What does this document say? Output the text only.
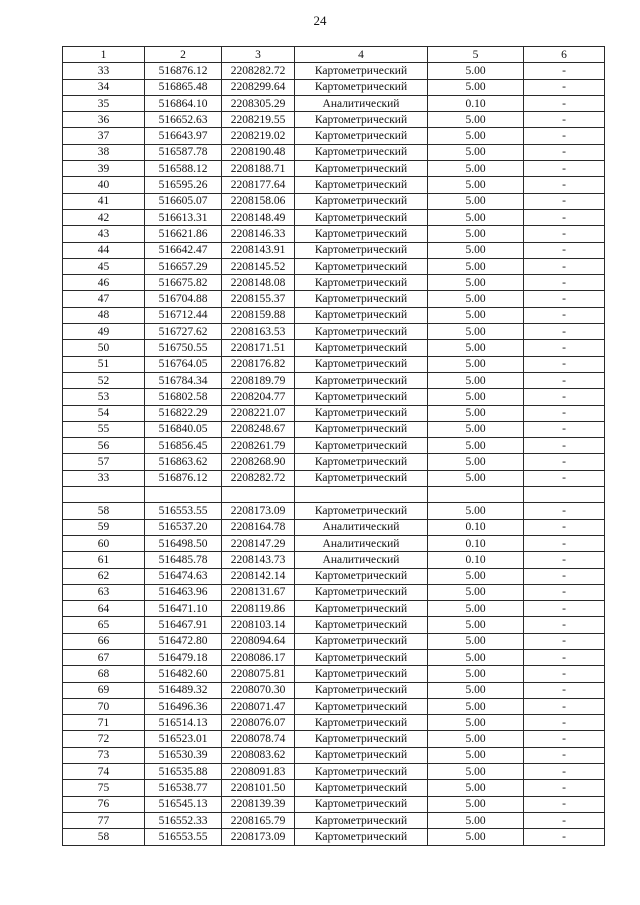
24
1	2	3	4	5	6
33	516876.12	2208282.72	Картометрический	5.00	-
34	516865.48	2208299.64	Картометрический	5.00	-
35	516864.10	2208305.29	Аналитический	0.10	-
36	516652.63	2208219.55	Картометрический	5.00	-
37	516643.97	2208219.02	Картометрический	5.00	-
38	516587.78	2208190.48	Картометрический	5.00	-
39	516588.12	2208188.71	Картометрический	5.00	-
40	516595.26	2208177.64	Картометрический	5.00	-
41	516605.07	2208158.06	Картометрический	5.00	-
42	516613.31	2208148.49	Картометрический	5.00	-
43	516621.86	2208146.33	Картометрический	5.00	-
44	516642.47	2208143.91	Картометрический	5.00	-
45	516657.29	2208145.52	Картометрический	5.00	-
46	516675.82	2208148.08	Картометрический	5.00	-
47	516704.88	2208155.37	Картометрический	5.00	-
48	516712.44	2208159.88	Картометрический	5.00	-
49	516727.62	2208163.53	Картометрический	5.00	-
50	516750.55	2208171.51	Картометрический	5.00	-
51	516764.05	2208176.82	Картометрический	5.00	-
52	516784.34	2208189.79	Картометрический	5.00	-
53	516802.58	2208204.77	Картометрический	5.00	-
54	516822.29	2208221.07	Картометрический	5.00	-
55	516840.05	2208248.67	Картометрический	5.00	-
56	516856.45	2208261.79	Картометрический	5.00	-
57	516863.62	2208268.90	Картометрический	5.00	-
33	516876.12	2208282.72	Картометрический	5.00	-

58	516553.55	2208173.09	Картометрический	5.00	-
59	516537.20	2208164.78	Аналитический	0.10	-
60	516498.50	2208147.29	Аналитический	0.10	-
61	516485.78	2208143.73	Аналитический	0.10	-
62	516474.63	2208142.14	Картометрический	5.00	-
63	516463.96	2208131.67	Картометрический	5.00	-
64	516471.10	2208119.86	Картометрический	5.00	-
65	516467.91	2208103.14	Картометрический	5.00	-
66	516472.80	2208094.64	Картометрический	5.00	-
67	516479.18	2208086.17	Картометрический	5.00	-
68	516482.60	2208075.81	Картометрический	5.00	-
69	516489.32	2208070.30	Картометрический	5.00	-
70	516496.36	2208071.47	Картометрический	5.00	-
71	516514.13	2208076.07	Картометрический	5.00	-
72	516523.01	2208078.74	Картометрический	5.00	-
73	516530.39	2208083.62	Картометрический	5.00	-
74	516535.88	2208091.83	Картометрический	5.00	-
75	516538.77	2208101.50	Картометрический	5.00	-
76	516545.13	2208139.39	Картометрический	5.00	-
77	516552.33	2208165.79	Картометрический	5.00	-
58	516553.55	2208173.09	Картометрический	5.00	-
